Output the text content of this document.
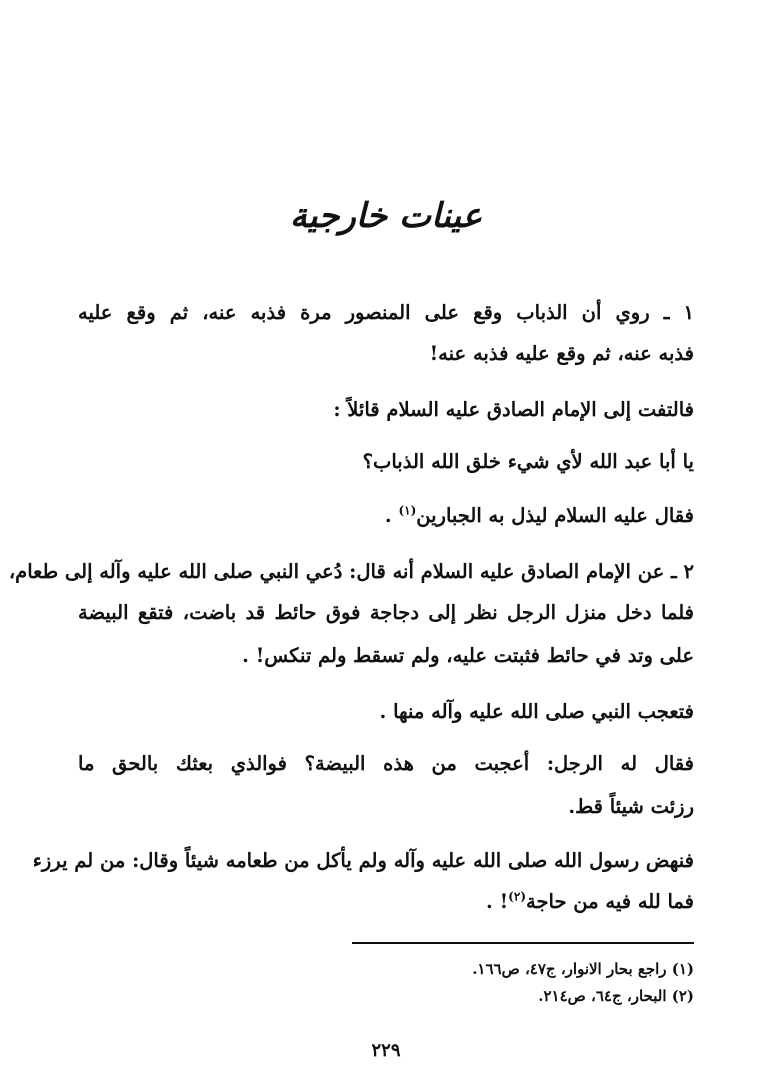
عينات خارجية
١ ـ روي أن الذباب وقع على المنصور مرة فذبه عنه، ثم وقع عليه
فذبه عنه، ثم وقع عليه فذبه عنه!
فالتفت إلى الإمام الصادق عليه السلام قائلاً :
يا أبا عبد الله لأي شيء خلق الله الذباب؟
فقال عليه السلام ليذل به الجبارين$^{(١)}$ .
٢ ـ عن الإمام الصادق عليه السلام أنه قال: دُعي النبي صلى الله عليه وآله إلى طعام،
فلما دخل منزل الرجل نظر إلى دجاجة فوق حائط قد باضت، فتقع البيضة
على وتد في حائط فثبتت عليه، ولم تسقط ولم تنكس! .
فتعجب النبي صلى الله عليه وآله منها .
فقال له الرجل: أعجبت من هذه البيضة؟ فوالذي بعثك بالحق ما
رزئت شيئاً قط.
فنهض رسول الله صلى الله عليه وآله ولم يأكل من طعامه شيئاً وقال: من لم يرزء
فما لله فيه من حاجة$^{(٢)}$! .
(١) راجع بحار الانوار، ج٤٧، ص١٦٦.
(٢) البحار، ج٦٤، ص٢١٤.
٢٢٩
